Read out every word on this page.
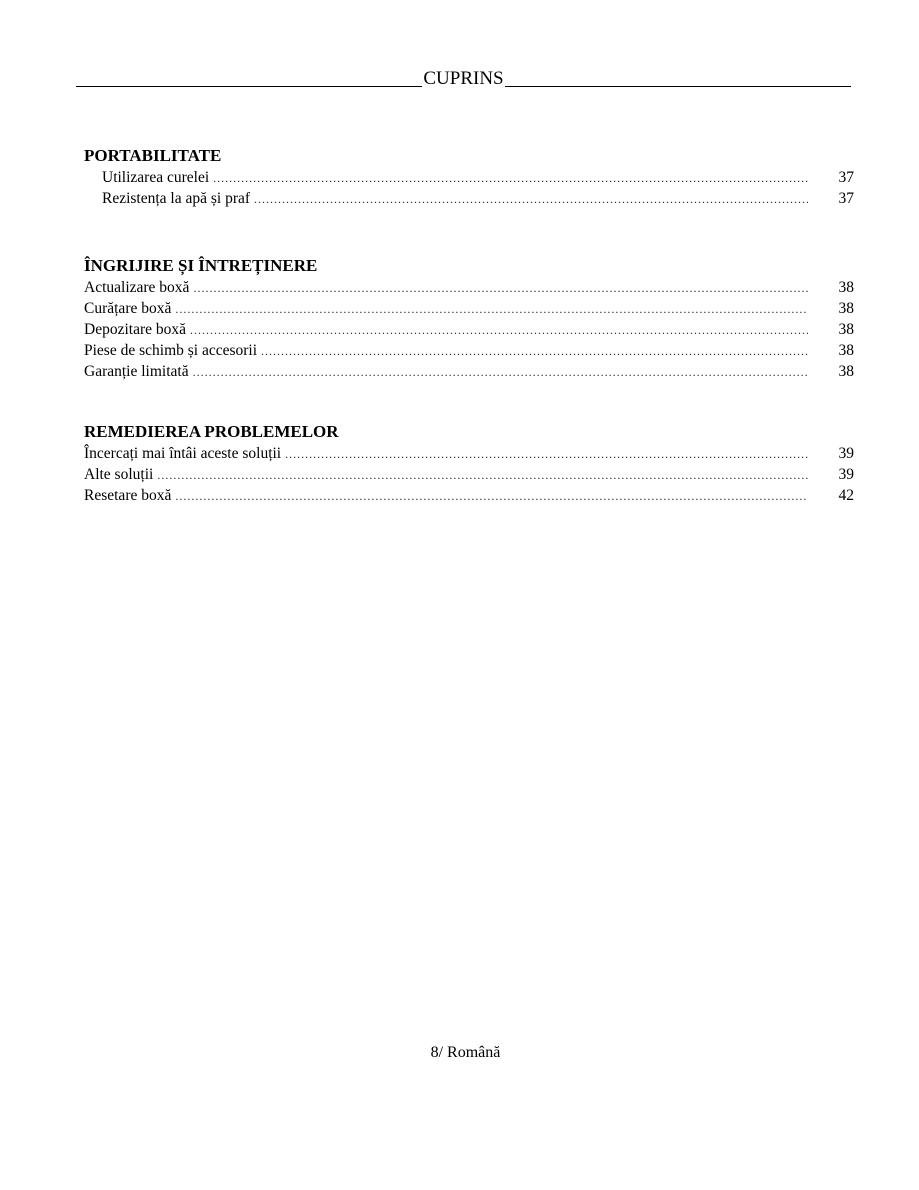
CUPRINS
PORTABILITATE
Utilizarea curelei .....	37
Rezistența la apă și praf .....	37
ÎNGRIJIRE ȘI ÎNTREȚINERE
Actualizare boxă .....	38
Curățare boxă .....	38
Depozitare boxă .....	38
Piese de schimb și accesorii .....	38
Garanție limitată .....	38
REMEDIEREA PROBLEMELOR
Încercați mai întâi aceste soluții .....	39
Alte soluții .....	39
Resetare boxă .....	42
8/ Română
